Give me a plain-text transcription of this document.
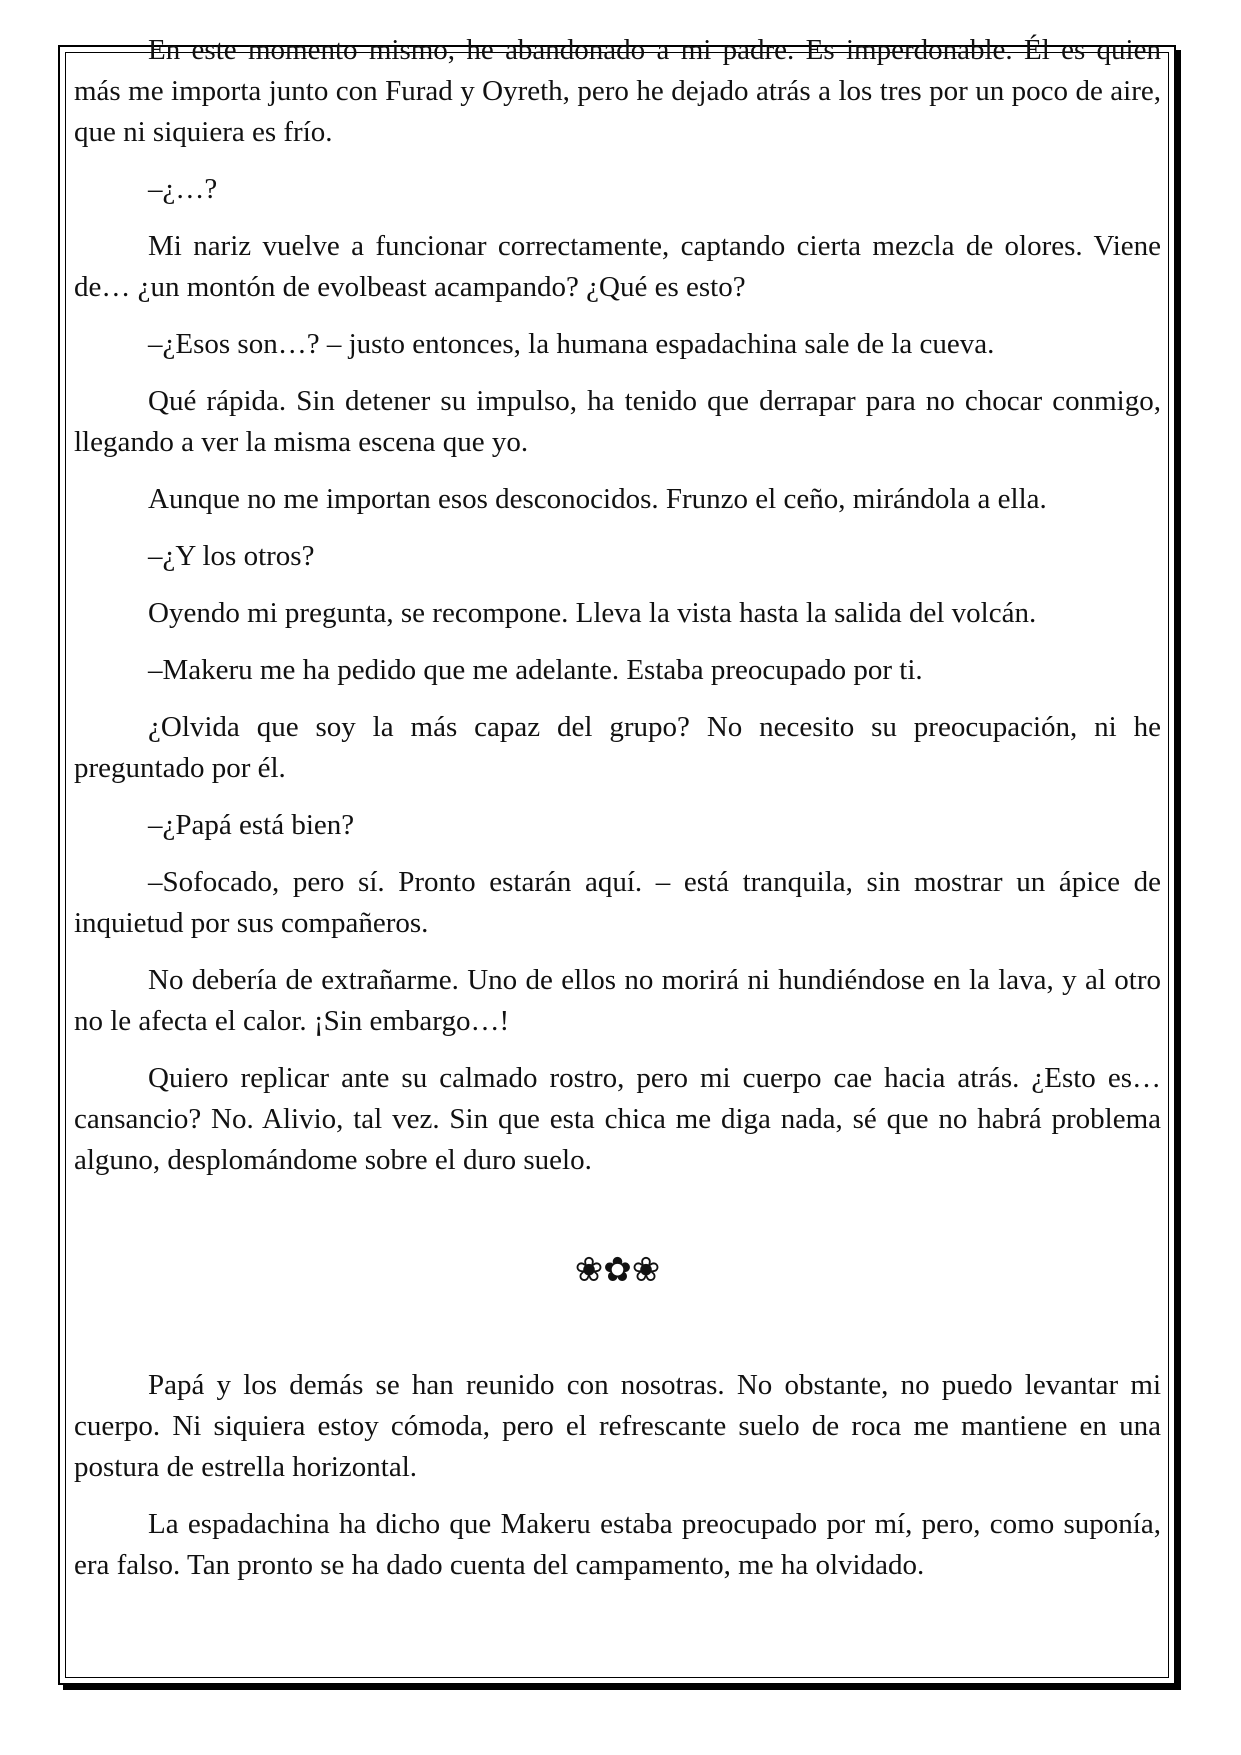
En este momento mismo, he abandonado a mi padre. Es imperdonable. Él es quien más me importa junto con Furad y Oyreth, pero he dejado atrás a los tres por un poco de aire, que ni siquiera es frío.

–¿…?

Mi nariz vuelve a funcionar correctamente, captando cierta mezcla de olores. Viene de… ¿un montón de evolbeast acampando? ¿Qué es esto?

–¿Esos son…? – justo entonces, la humana espadachina sale de la cueva.

Qué rápida. Sin detener su impulso, ha tenido que derrapar para no chocar conmigo, llegando a ver la misma escena que yo.

Aunque no me importan esos desconocidos. Frunzo el ceño, mirándola a ella.

–¿Y los otros?

Oyendo mi pregunta, se recompone. Lleva la vista hasta la salida del volcán.

–Makeru me ha pedido que me adelante. Estaba preocupado por ti.

¿Olvida que soy la más capaz del grupo? No necesito su preocupación, ni he preguntado por él.

–¿Papá está bien?

–Sofocado, pero sí. Pronto estarán aquí. – está tranquila, sin mostrar un ápice de inquietud por sus compañeros.

No debería de extrañarme. Uno de ellos no morirá ni hundiéndose en la lava, y al otro no le afecta el calor. ¡Sin embargo…!

Quiero replicar ante su calmado rostro, pero mi cuerpo cae hacia atrás. ¿Esto es… cansancio? No. Alivio, tal vez. Sin que esta chica me diga nada, sé que no habrá problema alguno, desplomándome sobre el duro suelo.

❀✿❀

Papá y los demás se han reunido con nosotras. No obstante, no puedo levantar mi cuerpo. Ni siquiera estoy cómoda, pero el refrescante suelo de roca me mantiene en una postura de estrella horizontal.

La espadachina ha dicho que Makeru estaba preocupado por mí, pero, como suponía, era falso. Tan pronto se ha dado cuenta del campamento, me ha olvidado.
